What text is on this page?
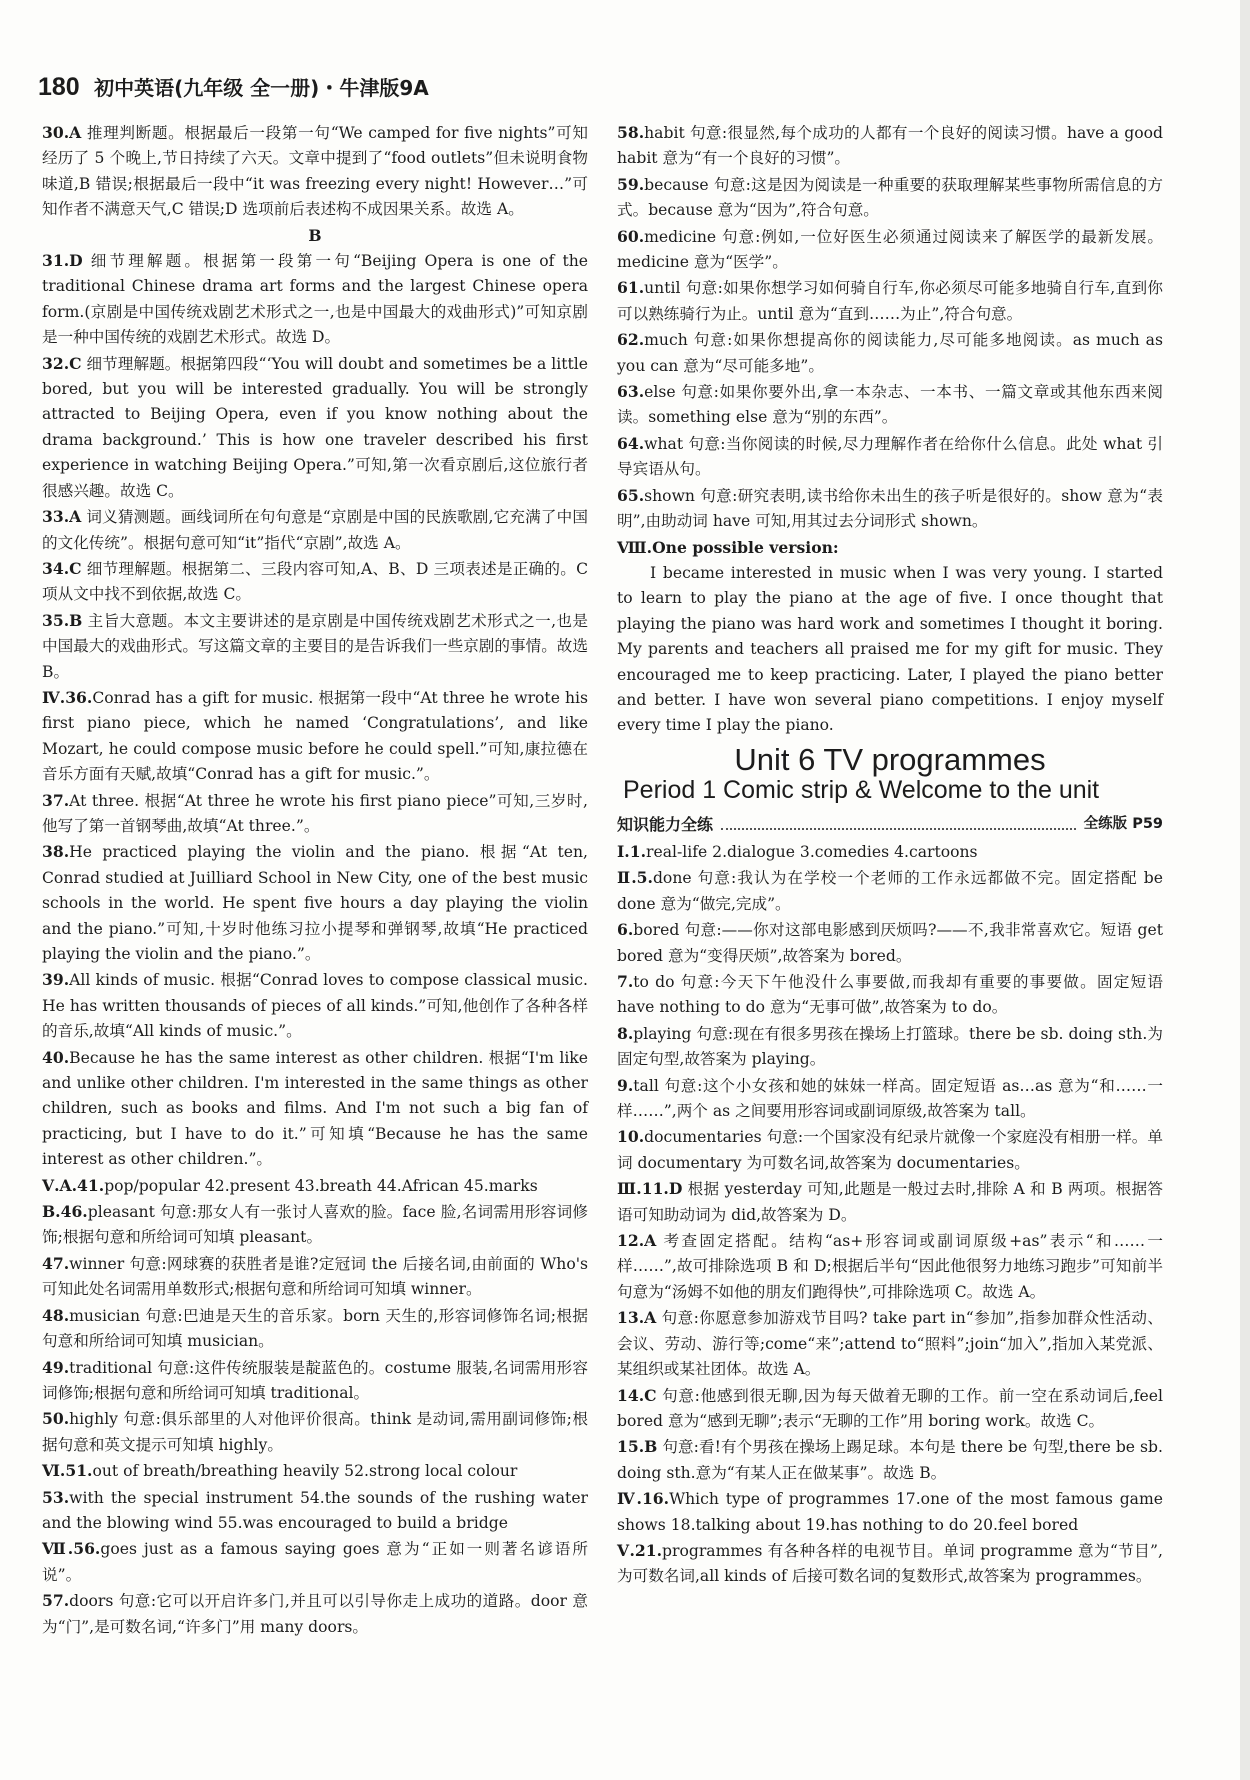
180 初中英语(九年级 全一册)・牛津版9A

30.A 推理判断题。根据最后一段第一句“We camped for five nights”可知经历了 5 个晚上,节日持续了六天。文章中提到了“food outlets”但未说明食物味道,B 错误;根据最后一段中“it was freezing every night! However…”可知作者不满意天气,C 错误;D 选项前后表述构不成因果关系。故选 A。

B

31.D 细节理解题。根据第一段第一句“Beijing Opera is one of the traditional Chinese drama art forms and the largest Chinese opera form.(京剧是中国传统戏剧艺术形式之一,也是中国最大的戏曲形式)”可知京剧是一种中国传统的戏剧艺术形式。故选 D。

32.C 细节理解题。根据第四段“‘You will doubt and sometimes be a little bored, but you will be interested gradually. You will be strongly attracted to Beijing Opera, even if you know nothing about the drama background.’ This is how one traveler described his first experience in watching Beijing Opera.”可知,第一次看京剧后,这位旅行者很感兴趣。故选 C。

33.A 词义猜测题。画线词所在句句意是“京剧是中国的民族歌剧,它充满了中国的文化传统”。根据句意可知“it”指代“京剧”,故选 A。

34.C 细节理解题。根据第二、三段内容可知,A、B、D 三项表述是正确的。C 项从文中找不到依据,故选 C。

35.B 主旨大意题。本文主要讲述的是京剧是中国传统戏剧艺术形式之一,也是中国最大的戏曲形式。写这篇文章的主要目的是告诉我们一些京剧的事情。故选 B。

Ⅳ.36.Conrad has a gift for music. 根据第一段中“At three he wrote his first piano piece, which he named ‘Congratulations’, and like Mozart, he could compose music before he could spell.”可知,康拉德在音乐方面有天赋,故填“Conrad has a gift for music.”。

37.At three. 根据“At three he wrote his first piano piece”可知,三岁时,他写了第一首钢琴曲,故填“At three.”。

38.He practiced playing the violin and the piano. 根据“At ten, Conrad studied at Juilliard School in New City, one of the best music schools in the world. He spent five hours a day playing the violin and the piano.”可知,十岁时他练习拉小提琴和弹钢琴,故填“He practiced playing the violin and the piano.”。

39.All kinds of music. 根据“Conrad loves to compose classical music. He has written thousands of pieces of all kinds.”可知,他创作了各种各样的音乐,故填“All kinds of music.”。

40.Because he has the same interest as other children. 根据“I'm like and unlike other children. I'm interested in the same things as other children, such as books and films. And I'm not such a big fan of practicing, but I have to do it.”可知填“Because he has the same interest as other children.”。

Ⅴ.A.41.pop/popular 42.present 43.breath 44.African 45.marks

B.46.pleasant 句意:那女人有一张讨人喜欢的脸。face 脸,名词需用形容词修饰;根据句意和所给词可知填 pleasant。

47.winner 句意:网球赛的获胜者是谁?定冠词 the 后接名词,由前面的 Who's 可知此处名词需用单数形式;根据句意和所给词可知填 winner。

48.musician 句意:巴迪是天生的音乐家。born 天生的,形容词修饰名词;根据句意和所给词可知填 musician。

49.traditional 句意:这件传统服装是靛蓝色的。costume 服装,名词需用形容词修饰;根据句意和所给词可知填 traditional。

50.highly 句意:俱乐部里的人对他评价很高。think 是动词,需用副词修饰;根据句意和英文提示可知填 highly。

Ⅵ.51.out of breath/breathing heavily 52.strong local colour

53.with the special instrument 54.the sounds of the rushing water and the blowing wind 55.was encouraged to build a bridge

Ⅶ.56.goes just as a famous saying goes 意为“正如一则著名谚语所说”。

57.doors 句意:它可以开启许多门,并且可以引导你走上成功的道路。door 意为“门”,是可数名词,“许多门”用 many doors。

58.habit 句意:很显然,每个成功的人都有一个良好的阅读习惯。have a good habit 意为“有一个良好的习惯”。

59.because 句意:这是因为阅读是一种重要的获取理解某些事物所需信息的方式。because 意为“因为”,符合句意。

60.medicine 句意:例如,一位好医生必须通过阅读来了解医学的最新发展。medicine 意为“医学”。

61.until 句意:如果你想学习如何骑自行车,你必须尽可能多地骑自行车,直到你可以熟练骑行为止。until 意为“直到……为止”,符合句意。

62.much 句意:如果你想提高你的阅读能力,尽可能多地阅读。as much as you can 意为“尽可能多地”。

63.else 句意:如果你要外出,拿一本杂志、一本书、一篇文章或其他东西来阅读。something else 意为“别的东西”。

64.what 句意:当你阅读的时候,尽力理解作者在给你什么信息。此处 what 引导宾语从句。

65.shown 句意:研究表明,读书给你未出生的孩子听是很好的。show 意为“表明”,由助动词 have 可知,用其过去分词形式 shown。

Ⅷ.One possible version:

I became interested in music when I was very young. I started to learn to play the piano at the age of five. I once thought that playing the piano was hard work and sometimes I thought it boring. My parents and teachers all praised me for my gift for music. They encouraged me to keep practicing. Later, I played the piano better and better. I have won several piano competitions. I enjoy myself every time I play the piano.

Unit 6 TV programmes
Period 1 Comic strip & Welcome to the unit
知识能力全练	全练版 P59

Ⅰ.1.real-life 2.dialogue 3.comedies 4.cartoons

Ⅱ.5.done 句意:我认为在学校一个老师的工作永远都做不完。固定搭配 be done 意为“做完,完成”。

6.bored 句意:——你对这部电影感到厌烦吗?——不,我非常喜欢它。短语 get bored 意为“变得厌烦”,故答案为 bored。

7.to do 句意:今天下午他没什么事要做,而我却有重要的事要做。固定短语 have nothing to do 意为“无事可做”,故答案为 to do。

8.playing 句意:现在有很多男孩在操场上打篮球。there be sb. doing sth.为固定句型,故答案为 playing。

9.tall 句意:这个小女孩和她的妹妹一样高。固定短语 as…as 意为“和……一样……”,两个 as 之间要用形容词或副词原级,故答案为 tall。

10.documentaries 句意:一个国家没有纪录片就像一个家庭没有相册一样。单词 documentary 为可数名词,故答案为 documentaries。

Ⅲ.11.D 根据 yesterday 可知,此题是一般过去时,排除 A 和 B 两项。根据答语可知助动词为 did,故答案为 D。

12.A 考查固定搭配。结构“as+形容词或副词原级+as”表示“和……一样……”,故可排除选项 B 和 D;根据后半句“因此他很努力地练习跑步”可知前半句意为“汤姆不如他的朋友们跑得快”,可排除选项 C。故选 A。

13.A 句意:你愿意参加游戏节目吗? take part in“参加”,指参加群众性活动、会议、劳动、游行等;come“来”;attend to“照料”;join“加入”,指加入某党派、某组织或某社团体。故选 A。

14.C 句意:他感到很无聊,因为每天做着无聊的工作。前一空在系动词后,feel bored 意为“感到无聊”;表示“无聊的工作”用 boring work。故选 C。

15.B 句意:看!有个男孩在操场上踢足球。本句是 there be 句型,there be sb. doing sth.意为“有某人正在做某事”。故选 B。

Ⅳ.16.Which type of programmes 17.one of the most famous game shows 18.talking about 19.has nothing to do 20.feel bored

Ⅴ.21.programmes 有各种各样的电视节目。单词 programme 意为“节目”,为可数名词,all kinds of 后接可数名词的复数形式,故答案为 programmes。
